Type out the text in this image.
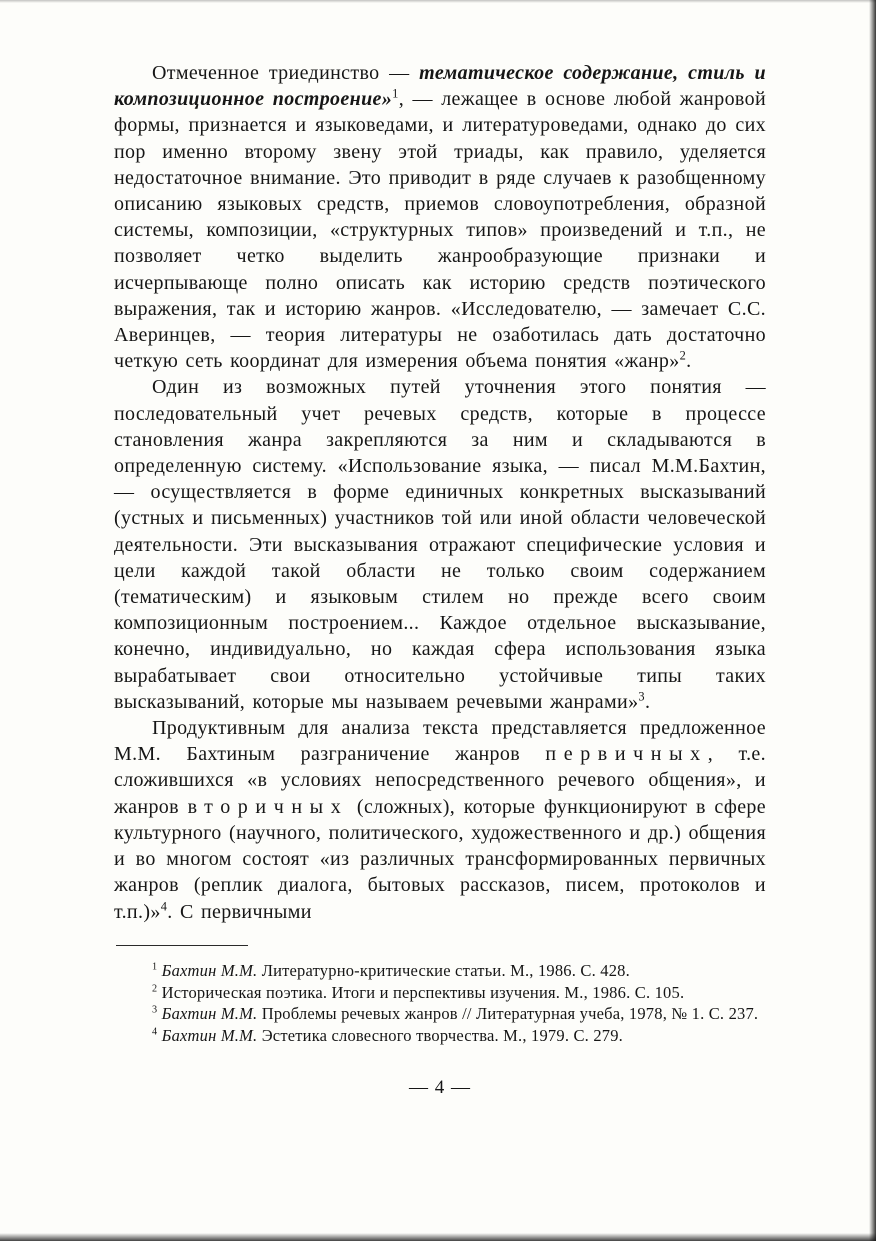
Отмеченное триединство — тематическое содержание, стиль и композиционное построение»$^1$, — лежащее в основе любой жанровой формы, признается и языковедами, и литературоведами, однако до сих пор именно второму звену этой триады, как правило, уделяется недостаточное внимание. Это приводит в ряде случаев к разобщенному описанию языковых средств, приемов словоупотребления, образной системы, композиции, «структурных типов» произведений и т.п., не позволяет четко выделить жанрообразующие признаки и исчерпывающе полно описать как историю средств поэтического выражения, так и историю жанров. «Исследователю, — замечает С.С. Аверинцев, — теория литературы не озаботилась дать достаточно четкую сеть координат для измерения объема понятия «жанр»$^2$.

Один из возможных путей уточнения этого понятия — последовательный учет речевых средств, которые в процессе становления жанра закрепляются за ним и складываются в определенную систему. «Использование языка, — писал М.М.Бахтин, — осуществляется в форме единичных конкретных высказываний (устных и письменных) участников той или иной области человеческой деятельности. Эти высказывания отражают специфические условия и цели каждой такой области не только своим содержанием (тематическим) и языковым стилем но прежде всего своим композиционным построением... Каждое отдельное высказывание, конечно, индивидуально, но каждая сфера использования языка вырабатывает свои относительно устойчивые типы таких высказываний, которые мы называем речевыми жанрами»$^3$.

Продуктивным для анализа текста представляется предложенное М.М. Бахтиным разграничение жанров первичных, т.е. сложившихся «в условиях непосредственного речевого общения», и жанров вторичных (сложных), которые функционируют в сфере культурного (научного, политического, художественного и др.) общения и во многом состоят «из различных трансформированных первичных жанров (реплик диалога, бытовых рассказов, писем, протоколов и т.п.)»$^4$. С первичными

$^1$ Бахтин М.М. Литературно-критические статьи. М., 1986. С. 428.

$^2$ Историческая поэтика. Итоги и перспективы изучения. М., 1986. С. 105.

$^3$ Бахтин М.М. Проблемы речевых жанров // Литературная учеба, 1978, № 1. С. 237.

$^4$ Бахтин М.М. Эстетика словесного творчества. М., 1979. С. 279.

— 4 —
